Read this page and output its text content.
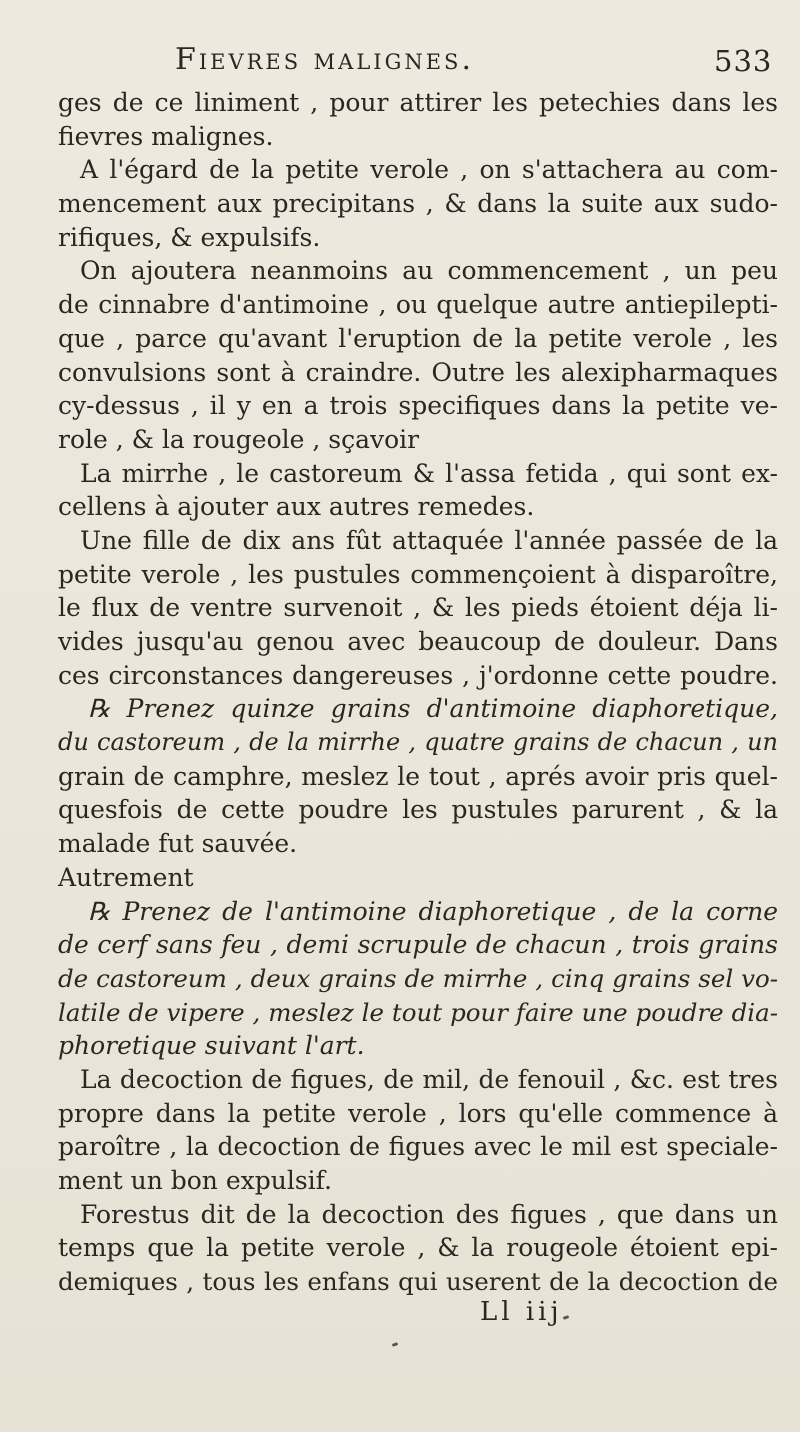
Fievres malignes.	533
ges de ce liniment , pour attirer les petechies dans les
fievres malignes.
A l'égard de la petite verole , on s'attachera au com-
mencement aux precipitans , & dans la suite aux sudo-
rifiques, & expulsifs.
On ajoutera neanmoins au commencement , un peu
de cinnabre d'antimoine , ou quelque autre antiepilepti-
que , parce qu'avant l'eruption de la petite verole , les
convulsions sont à craindre. Outre les alexipharmaques
cy-dessus , il y en a trois specifiques dans la petite ve-
role , & la rougeole , sçavoir
La mirrhe , le castoreum & l'assa fetida , qui sont ex-
cellens à ajouter aux autres remedes.
Une fille de dix ans fût attaquée l'année passée de la
petite verole , les pustules commençoient à disparoître,
le flux de ventre survenoit , & les pieds étoient déja li-
vides jusqu'au genou avec beaucoup de douleur. Dans
ces circonstances dangereuses , j'ordonne cette poudre.
℞ Prenez quinze grains d'antimoine diaphoretique,
du castoreum , de la mirrhe , quatre grains de chacun , un
grain de camphre, meslez le tout , aprés avoir pris quel-
quesfois de cette poudre les pustules parurent , & la
malade fut sauvée.
Autrement
℞ Prenez de l'antimoine diaphoretique , de la corne
de cerf sans feu , demi scrupule de chacun , trois grains
de castoreum , deux grains de mirrhe , cinq grains sel vo-
latile de vipere , meslez le tout pour faire une poudre dia-
phoretique suivant l'art.
La decoction de figues, de mil, de fenouil , &c. est tres
propre dans la petite verole , lors qu'elle commence à
paroître , la decoction de figues avec le mil est speciale-
ment un bon expulsif.
Forestus dit de la decoction des figues , que dans un
temps que la petite verole , & la rougeole étoient epi-
demiques , tous les enfans qui userent de la decoction de
Ll iij
